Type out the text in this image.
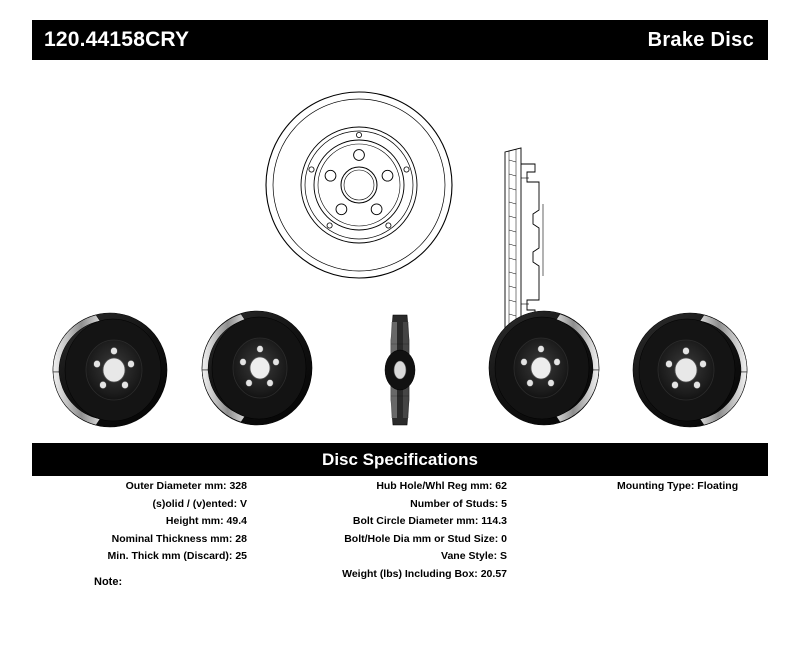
120.44158CRY	Brake Disc
Disc Specifications
Outer Diameter mm: 328
(s)olid / (v)ented: V
Height mm: 49.4
Nominal Thickness mm: 28
Min. Thick mm (Discard): 25
Hub Hole/Whl Reg mm: 62
Number of Studs: 5
Bolt Circle Diameter mm: 114.3
Bolt/Hole Dia mm or Stud Size: 0
Vane Style: S
Weight (lbs) Including Box: 20.57
Mounting Type: Floating
Note:
